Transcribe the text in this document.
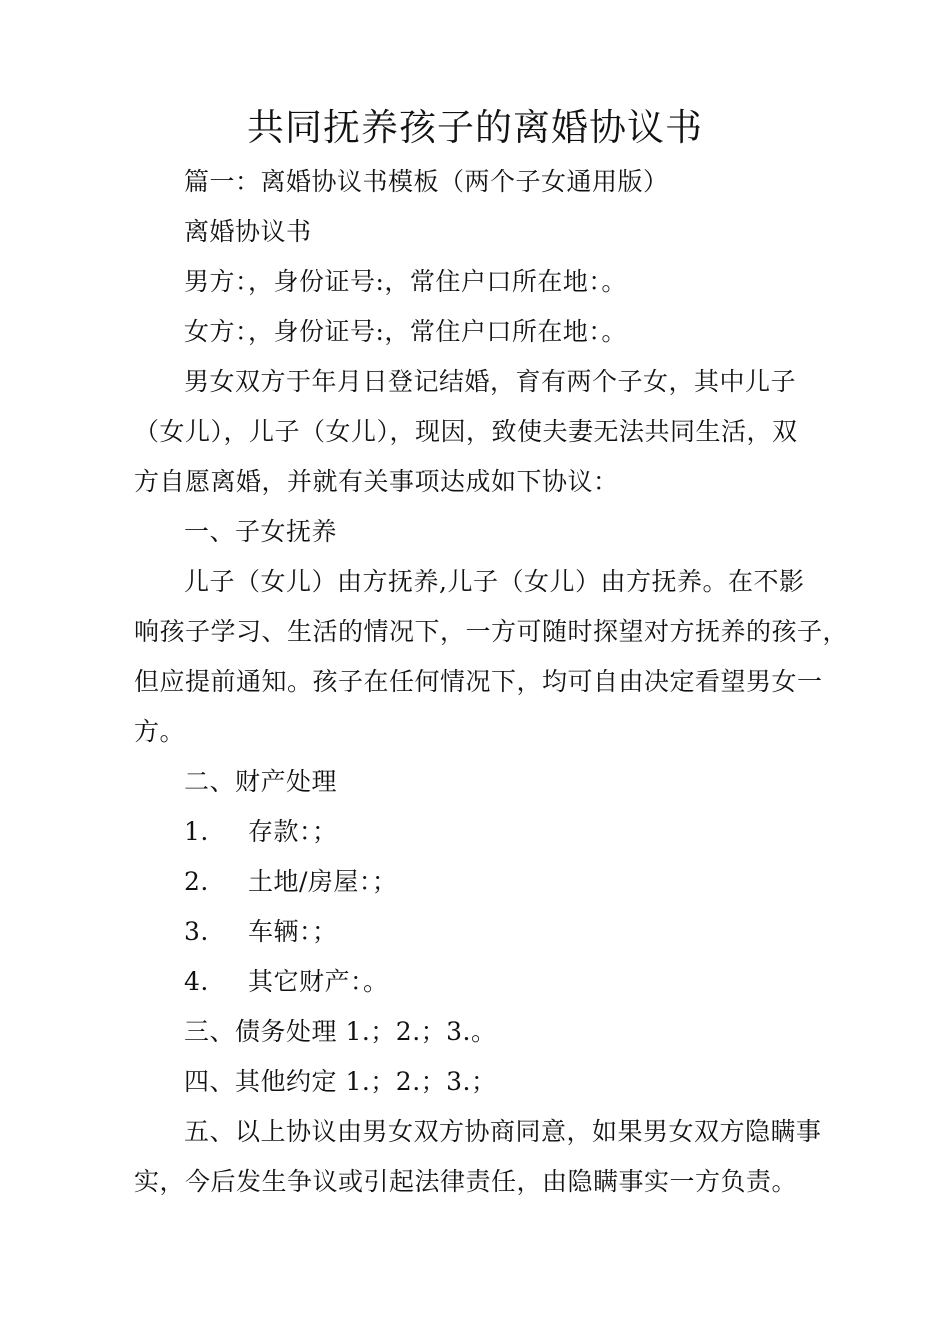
共同抚养孩子的离婚协议书
篇一：离婚协议书模板（两个子女通用版）
离婚协议书
男方：，身份证号:，常住户口所在地：。
女方：，身份证号:，常住户口所在地：。
男女双方于年月日登记结婚，育有两个子女，其中儿子
（女儿），儿子（女儿），现因，致使夫妻无法共同生活，双
方自愿离婚，并就有关事项达成如下协议：
一、子女抚养
儿子（女儿）由方抚养,儿子（女儿）由方抚养。在不影
响孩子学习、生活的情况下，一方可随时探望对方抚养的孩子，
但应提前通知。孩子在任何情况下，均可自由决定看望男女一
方。
二、财产处理
1. 存款：；
2. 土地/房屋：；
3. 车辆：；
4. 其它财产：。
三、债务处理 1.；2.；3.。
四、其他约定 1.；2.；3.；
五、以上协议由男女双方协商同意，如果男女双方隐瞒事
实，今后发生争议或引起法律责任，由隐瞒事实一方负责。
